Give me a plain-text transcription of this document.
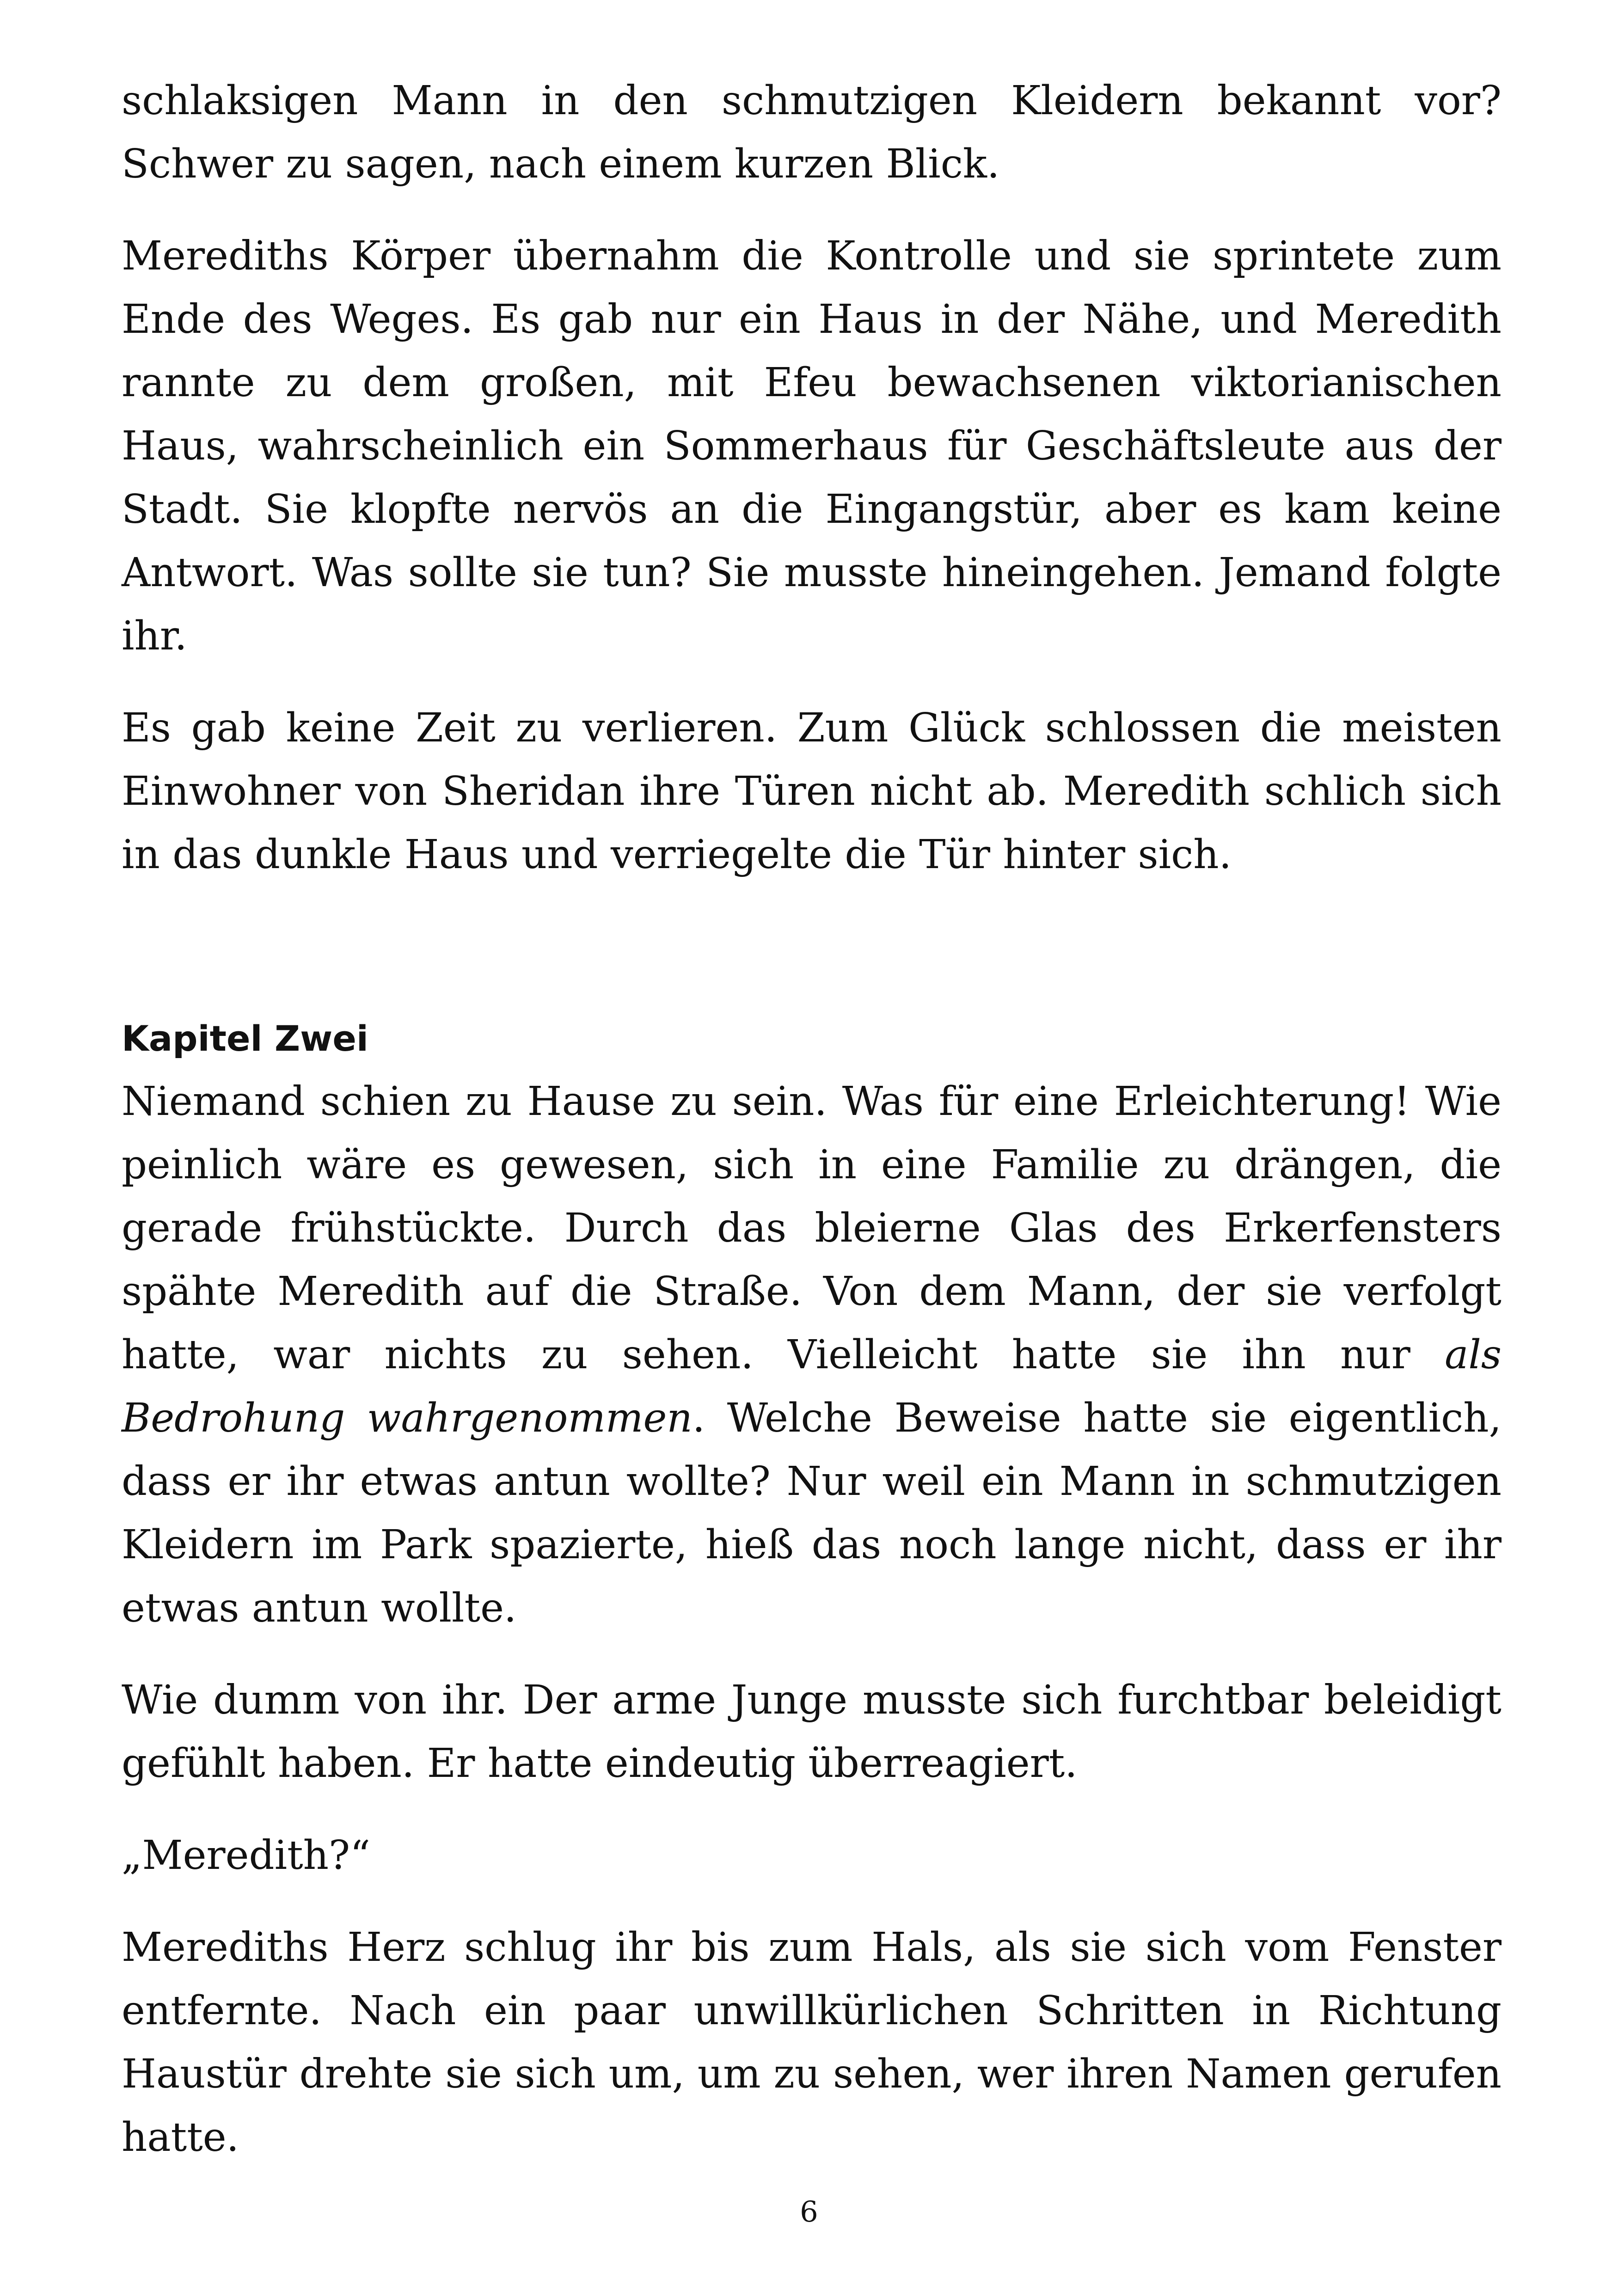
schlaksigen Mann in den schmutzigen Kleidern bekannt vor? Schwer zu sagen, nach einem kurzen Blick.

Merediths Körper übernahm die Kontrolle und sie sprintete zum Ende des Weges. Es gab nur ein Haus in der Nähe, und Meredith rannte zu dem großen, mit Efeu bewachsenen viktorianischen Haus, wahrscheinlich ein Sommerhaus für Geschäftsleute aus der Stadt. Sie klopfte nervös an die Eingangstür, aber es kam keine Antwort. Was sollte sie tun? Sie musste hineingehen. Jemand folgte ihr.

Es gab keine Zeit zu verlieren. Zum Glück schlossen die meisten Einwohner von Sheridan ihre Türen nicht ab. Meredith schlich sich in das dunkle Haus und verriegelte die Tür hinter sich.

Kapitel Zwei

Niemand schien zu Hause zu sein. Was für eine Erleichterung! Wie peinlich wäre es gewesen, sich in eine Familie zu drängen, die gerade frühstückte. Durch das bleierne Glas des Erkerfensters spähte Meredith auf die Straße. Von dem Mann, der sie verfolgt hatte, war nichts zu sehen. Vielleicht hatte sie ihn nur als Bedrohung wahrgenommen. Welche Beweise hatte sie eigentlich, dass er ihr etwas antun wollte? Nur weil ein Mann in schmutzigen Kleidern im Park spazierte, hieß das noch lange nicht, dass er ihr etwas antun wollte.

Wie dumm von ihr. Der arme Junge musste sich furchtbar beleidigt gefühlt haben. Er hatte eindeutig überreagiert.

„Meredith?“

Merediths Herz schlug ihr bis zum Hals, als sie sich vom Fenster entfernte. Nach ein paar unwillkürlichen Schritten in Richtung Haustür drehte sie sich um, um zu sehen, wer ihren Namen gerufen hatte.

6
